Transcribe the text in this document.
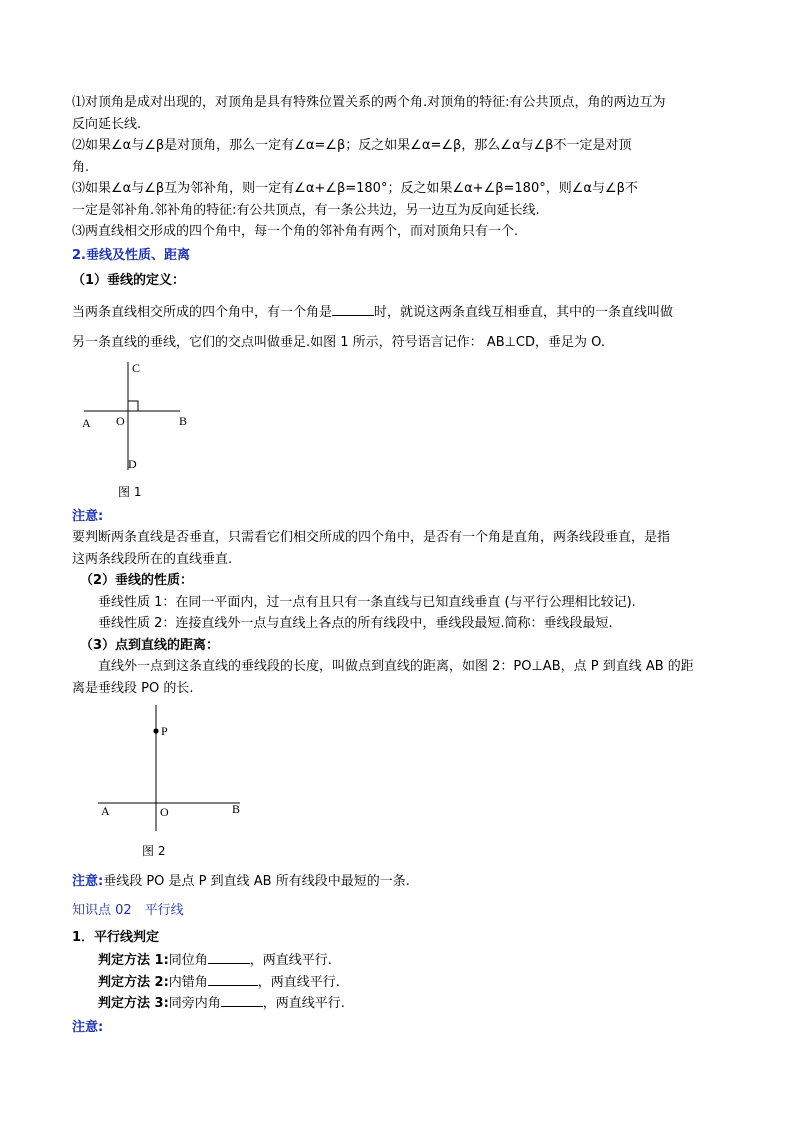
⑴对顶角是成对出现的，对顶角是具有特殊位置关系的两个角.对顶角的特征:有公共顶点，角的两边互为

反向延长线.

⑵如果∠α与∠β是对顶角，那么一定有∠α=∠β；反之如果∠α=∠β，那么∠α与∠β不一定是对顶

角.

⑶如果∠α与∠β互为邻补角，则一定有∠α+∠β=180°；反之如果∠α+∠β=180°，则∠α与∠β不

一定是邻补角.邻补角的特征:有公共顶点，有一条公共边，另一边互为反向延长线.

⑶两直线相交形成的四个角中，每一个角的邻补角有两个，而对顶角只有一个.

2.垂线及性质、距离

（1）垂线的定义：

当两条直线相交所成的四个角中，有一个角是	时，就说这两条直线互相垂直，其中的一条直线叫做

另一条直线的垂线，它们的交点叫做垂足.如图 1 所示，符号语言记作： AB⊥CD，垂足为 O.

C
D
A O	B
图 1

注意:

要判断两条直线是否垂直，只需看它们相交所成的四个角中，是否有一个角是直角，两条线段垂直，是指

这两条线段所在的直线垂直.

（2）垂线的性质：

垂线性质 1：在同一平面内，过一点有且只有一条直线与已知直线垂直 (与平行公理相比较记).

垂线性质 2：连接直线外一点与直线上各点的所有线段中，垂线段最短.简称：垂线段最短.

（3）点到直线的距离：

直线外一点到这条直线的垂线段的长度，叫做点到直线的距离，如图 2：PO⊥AB，点 P 到直线 AB 的距

离是垂线段 PO 的长.

P
A	O	B
图 2

注意:垂线段 PO 是点 P 到直线 AB 所有线段中最短的一条.

知识点 02　平行线

1．平行线判定

判定方法 1:同位角	，两直线平行.

判定方法 2:内错角	，两直线平行.

判定方法 3:同旁内角	，两直线平行.

注意:
